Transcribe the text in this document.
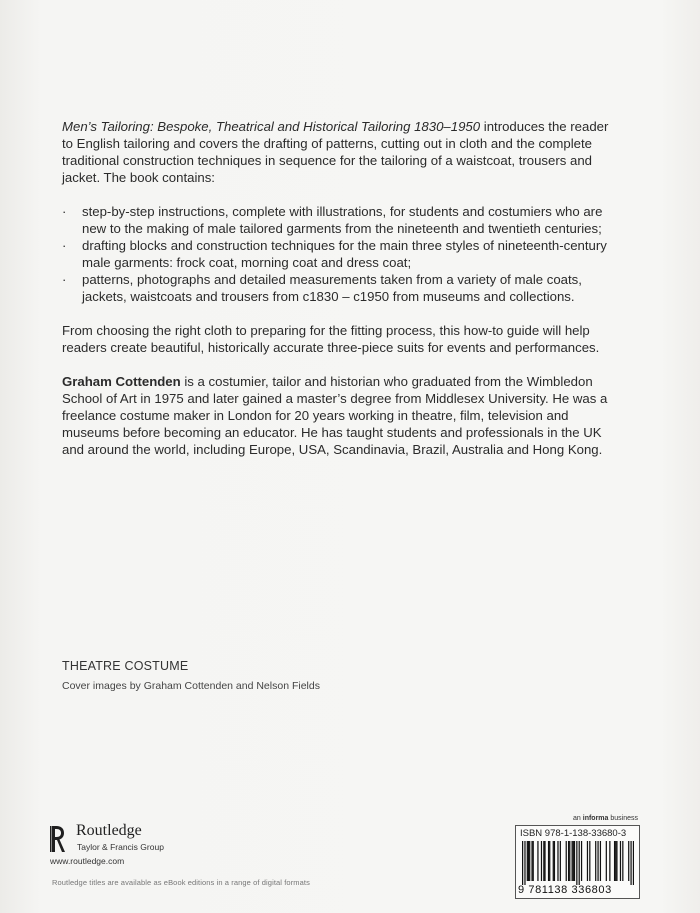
Men’s Tailoring: Bespoke, Theatrical and Historical Tailoring 1830–1950 introduces the reader to English tailoring and covers the drafting of patterns, cutting out in cloth and the complete traditional construction techniques in sequence for the tailoring of a waistcoat, trousers and jacket. The book contains:

·	step-by-step instructions, complete with illustrations, for students and costumiers who are new to the making of male tailored garments from the nineteenth and twentieth centuries;
·	drafting blocks and construction techniques for the main three styles of nineteenth-century male garments: frock coat, morning coat and dress coat;
·	patterns, photographs and detailed measurements taken from a variety of male coats, jackets, waistcoats and trousers from c1830 – c1950 from museums and collections.

From choosing the right cloth to preparing for the fitting process, this how-to guide will help readers create beautiful, historically accurate three-piece suits for events and performances.

Graham Cottenden is a costumier, tailor and historian who graduated from the Wimbledon School of Art in 1975 and later gained a master’s degree from Middlesex University. He was a freelance costume maker in London for 20 years working in theatre, film, television and museums before becoming an educator. He has taught students and professionals in the UK and around the world, including Europe, USA, Scandinavia, Brazil, Australia and Hong Kong.

THEATRE COSTUME
Cover images by Graham Cottenden and Nelson Fields
Routledge
Taylor & Francis Group
www.routledge.com
Routledge titles are available as eBook editions in a range of digital formats
an informa business
ISBN 978-1-138-33680-3
9 781138 336803
